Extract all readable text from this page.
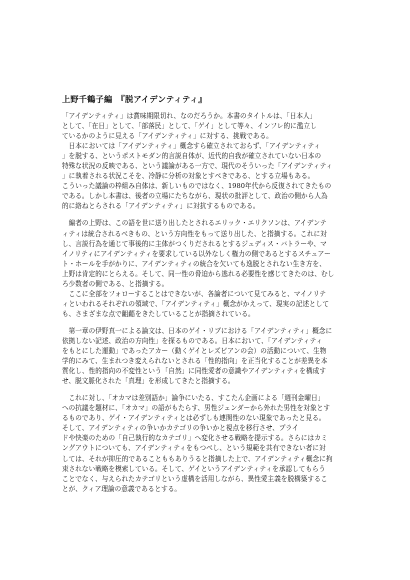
上野千鶴子編　『脱アイデンティティ』
「アイデンティティ」は賞味期限切れ、なのだろうか。本書のタイトルは、「日本人」
として、「在日」として、「部落民」として、「ゲイ」として等々、インフレ的に濫立し
ているかのように見える「アイデンティティ」に対する、挑戦である。
　日本においては「アイデンティティ」概念すら確立されておらず、「アイデンティティ
」を脱する、というポストモダン的言説自体が、近代的自我が確立されていない日本の
特殊な状況の反映である、という議論がある一方で、現代のそういった「アイデンティティ
」に執着される状況こそを、冷静に分析の対象とすべきである、とする立場もある。
こういった議論の枠組み自体は、新しいものではなく、1980年代から反復されてきたもの
である。しかし本書は、後者の立場にたちながら、現状の批評として、政治の側から人為
的に絡ねとらされる「アイデンティティ」に対抗するものである。
　編者の上野は、この語を世に送り出したとされるエリック・エリクソンは、アイデンテ
ィティは統合されるべきもの、という方向性をもって送り出した、と指摘する。これに対
し、言説行為を通じて事後的に主体がつくりだされるとするジュディス・バトラーや、マ
イノリティにアイデンティティを要求している以外なしく権力の側であるとするスチュアー
ト・ホールを手がかりに、アイデンティティの統合を欠いても逸脱とされない生き方を、
上野は肯定的にとらえる。そして、同一性の脅迫から逃れる必要性を感じてきたのは、むし
ろ少数者の側である、と指摘する。
　ここに全部をフォローすることはできないが、各論者について見てみると、マイノリテ
ィといわれるそれぞれの領域で、「アイデンティティ」概念がかえって、現実の記述として
も、さまざまな点で齟齬をきたしていることが指摘されている。
　第一章の伊野真一による論文は、日本のゲイ・リブにおける「アイデンティティ」概念に
依拠しない記述、政治の方向性」を探るものである。日本において、「アイデンティティ
をもとにした運動」であったアカー（動くゲイとレズビアンの会）の活動について、生物
学的にみて、生まれつき変えられないとされる「性的指向」を正当化することが差異を本
質化し、性的指向の不変性という「自然」に同性愛者の意識やアイデンティティを構成す
せ、脱文脈化された「真理」を形成してきたと指摘する。
　これに対し、「オカマは差別語か」論争にいたる、すこたん企画による「週刊金曜日」
への抗議を題材に、「オカマ」の語がもたらす、男性ジェンダーから外れた男性を対象とす
るものであり、ゲイ・アイデンティティとは必ずしも連関性のない現象であったと見る。
そして、アイデンティティの争いかカテゴリの争いかと視点を移行させ、プライ
ドや快楽のための「自己執行的なカテゴリ」へ変化させる戦略を提示する。さらにはカミ
ングアウトについても、アイデンティティをもつべし、という規範を共有できない者に対
しては、それが抑圧的であることももありうると指摘した上で、アイデンティティ概念に拘
束されない戦略を模索している。そして、ゲイというアイデンティティを承認してもらう
ことでなく、与えられたカテゴリという虚構を活用しながら、異性愛主義を脱構築するこ
とが、クィア理論の意義であるとする。
